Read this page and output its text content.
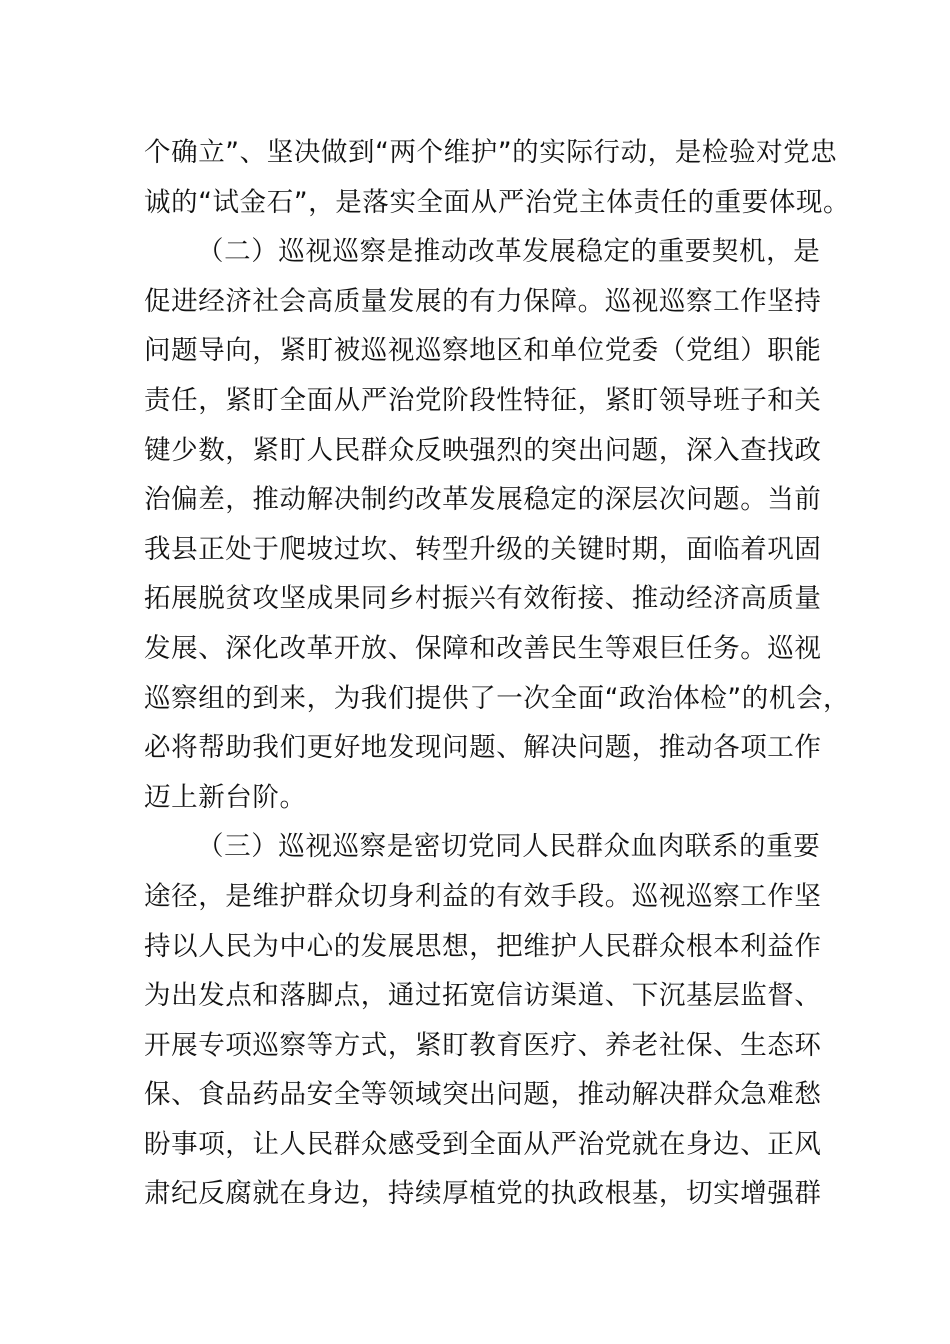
个确立”、坚决做到“两个维护”的实际行动，是检验对党忠
诚的“试金石”，是落实全面从严治党主体责任的重要体现。
（二）巡视巡察是推动改革发展稳定的重要契机，是
促进经济社会高质量发展的有力保障。巡视巡察工作坚持
问题导向，紧盯被巡视巡察地区和单位党委（党组）职能
责任，紧盯全面从严治党阶段性特征，紧盯领导班子和关
键少数，紧盯人民群众反映强烈的突出问题，深入查找政
治偏差，推动解决制约改革发展稳定的深层次问题。当前
我县正处于爬坡过坎、转型升级的关键时期，面临着巩固
拓展脱贫攻坚成果同乡村振兴有效衔接、推动经济高质量
发展、深化改革开放、保障和改善民生等艰巨任务。巡视
巡察组的到来，为我们提供了一次全面“政治体检”的机会，
必将帮助我们更好地发现问题、解决问题，推动各项工作
迈上新台阶。
（三）巡视巡察是密切党同人民群众血肉联系的重要
途径，是维护群众切身利益的有效手段。巡视巡察工作坚
持以人民为中心的发展思想，把维护人民群众根本利益作
为出发点和落脚点，通过拓宽信访渠道、下沉基层监督、
开展专项巡察等方式，紧盯教育医疗、养老社保、生态环
保、食品药品安全等领域突出问题，推动解决群众急难愁
盼事项，让人民群众感受到全面从严治党就在身边、正风
肃纪反腐就在身边，持续厚植党的执政根基，切实增强群
